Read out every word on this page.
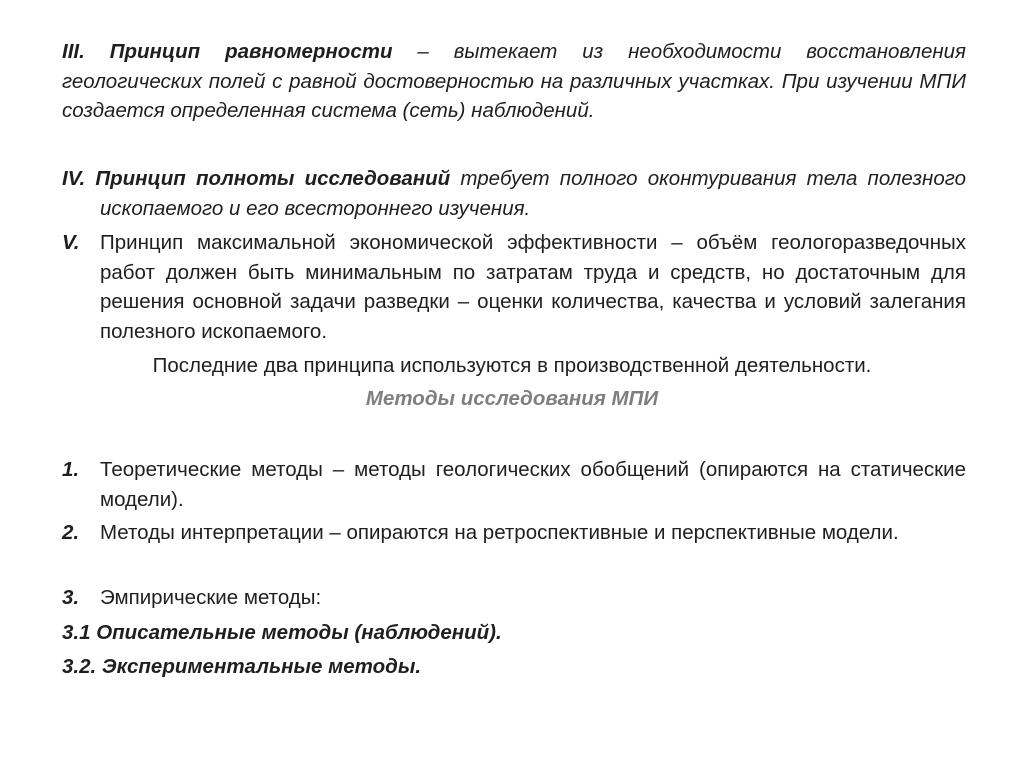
III. Принцип равномерности – вытекает из необходимости восстановления геологических полей с равной достоверностью на различных участках. При изучении МПИ создается определенная система (сеть) наблюдений.
IV. Принцип полноты исследований требует полного оконтуривания тела полезного ископаемого и его всестороннего изучения.
V. Принцип максимальной экономической эффективности – объём геологоразведочных работ должен быть минимальным по затратам труда и средств, но достаточным для решения основной задачи разведки – оценки количества, качества и условий залегания полезного ископаемого.
Последние два принципа используются в производственной деятельности.
Методы исследования МПИ
1. Теоретические методы – методы геологических обобщений (опираются на статические модели).
2. Методы интерпретации – опираются на ретроспективные и перспективные модели.
3. Эмпирические методы:
3.1 Описательные методы (наблюдений).
3.2. Экспериментальные методы.
